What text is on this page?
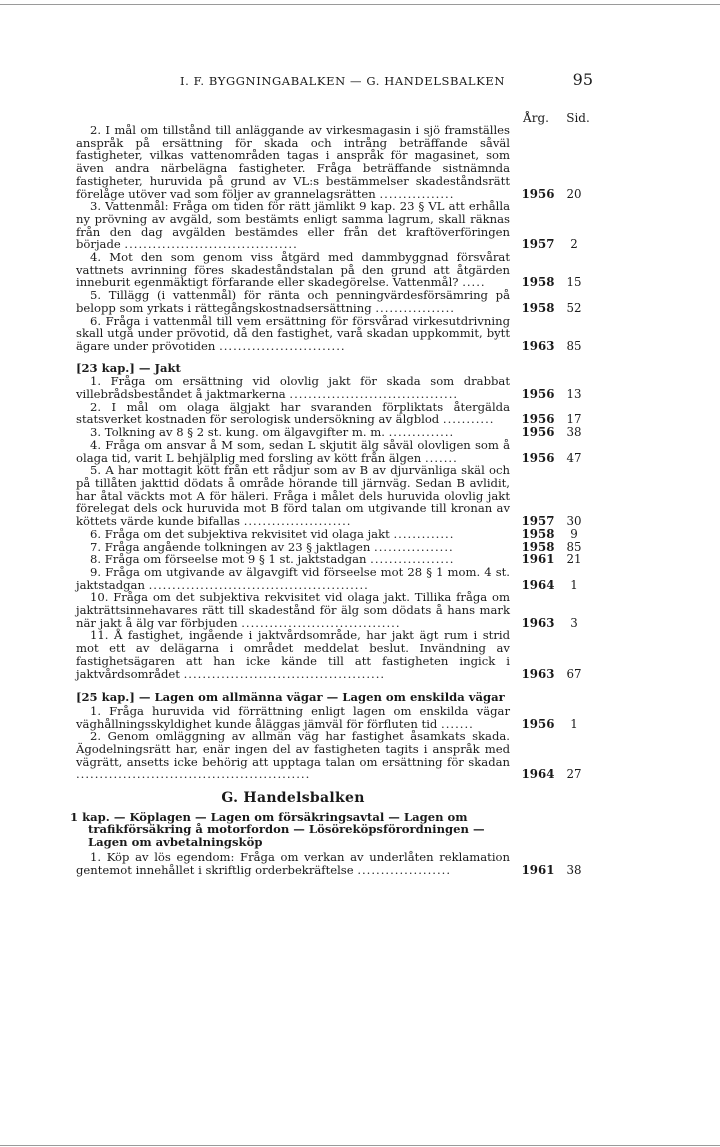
I. F. BYGGNINGABALKEN — G. HANDELSBALKEN	95
Årg.	Sid.
2. I mål om tillstånd till anläggande av virkesmagasin i sjö framställes anspråk på ersättning för skada och intrång beträffande såväl fastigheter, vilkas vattenområden tagas i anspråk för magasinet, som även andra närbelägna fastigheter. Fråga beträffande sistnämnda fastigheter, huruvida på grund av VL:s bestämmelser skadeståndsrätt förelåge utöver vad som följer av grannelagsrätten ................	1956	20
3. Vattenmål: Fråga om tiden för rätt jämlikt 9 kap. 23 § VL att erhålla ny prövning av avgäld, som bestämts enligt samma lagrum, skall räknas från den dag avgälden bestämdes eller från det kraftöverföringen började .....................................	1957	2
4. Mot den som genom viss åtgärd med dammbyggnad försvårat vattnets avrinning föres skadeståndstalan på den grund att åtgärden inneburit egenmäktigt förfarande eller skadegörelse. Vattenmål? .....	1958	15
5. Tillägg (i vattenmål) för ränta och penningvärdesförsämring på belopp som yrkats i rättegångskostnadsersättning .................	1958	52
6. Fråga i vattenmål till vem ersättning för försvårad virkesutdrivning skall utgå under prövotid, då den fastighet, varå skadan uppkommit, bytt ägare under prövotiden ...........................	1963	85
[23 kap.] — Jakt
1. Fråga om ersättning vid olovlig jakt för skada som drabbat villebrådsbeståndet å jaktmarkerna ....................................	1956	13
2. I mål om olaga älgjakt har svaranden förpliktats återgälda statsverket kostnaden för serologisk undersökning av älgblod ...........	1956	17
3. Tolkning av 8 § 2 st. kung. om älgavgifter m. m. ..............	1956	38
4. Fråga om ansvar å M som, sedan L skjutit älg såväl olovligen som å olaga tid, varit L behjälplig med forsling av kött från älgen .......	1956	47
5. A har mottagit kött från ett rådjur som av B av djurvänliga skäl och på tillåten jakttid dödats å område hörande till järnväg. Sedan B avlidit, har åtal väckts mot A för häleri. Fråga i målet dels huruvida olovlig jakt förelegat dels ock huruvida mot B förd talan om utgivande till kronan av köttets värde kunde bifallas .......................	1957	30
6. Fråga om det subjektiva rekvisitet vid olaga jakt .............	1958	9
7. Fråga angående tolkningen av 23 § jaktlagen .................	1958	85
8. Fråga om förseelse mot 9 § 1 st. jaktstadgan ..................	1961	21
9. Fråga om utgivande av älgavgift vid förseelse mot 28 § 1 mom. 4 st. jaktstadgan ...............................................	1964	1
10. Fråga om det subjektiva rekvisitet vid olaga jakt. Tillika fråga om jakträttsinnehavares rätt till skadestånd för älg som dödats å hans mark när jakt å älg var förbjuden ..................................	1963	3
11. Å fastighet, ingående i jaktvårdsområde, har jakt ägt rum i strid mot ett av delägarna i området meddelat beslut. Invändning av fastighetsägaren att han icke kände till att fastigheten ingick i jaktvårdsområdet ...........................................	1963	67
[25 kap.] — Lagen om allmänna vägar — Lagen om enskilda vägar
1. Fråga huruvida vid förrättning enligt lagen om enskilda vägar väghållningsskyldighet kunde åläggas jämväl för förfluten tid .......	1956	1
2. Genom omläggning av allmän väg har fastighet åsamkats skada. Ägodelningsrätt har, enär ingen del av fastigheten tagits i anspråk med vägrätt, ansetts icke behörig att upptaga talan om ersättning för skadan ..................................................	1964	27
G. Handelsbalken
1 kap. — Köplagen — Lagen om försäkringsavtal — Lagen om trafikförsäkring å motorfordon — Lösöreköpsförordningen — Lagen om avbetalningsköp
1. Köp av lös egendom: Fråga om verkan av underlåten reklamation gentemot innehållet i skriftlig orderbekräftelse ....................	1961	38
